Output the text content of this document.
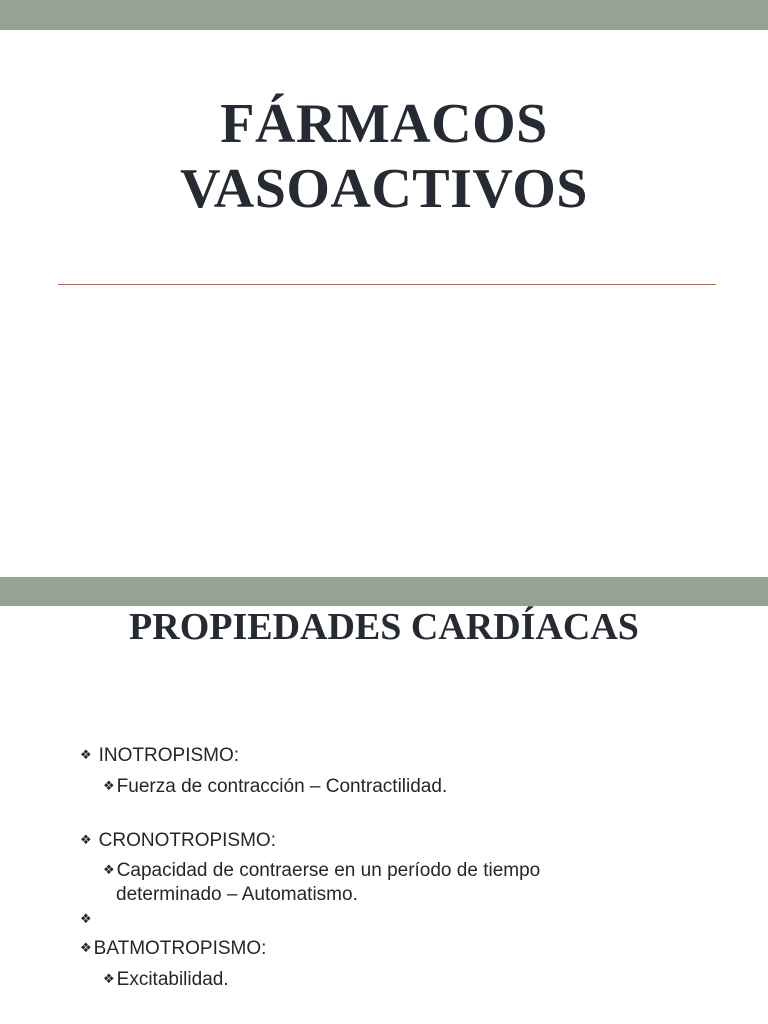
FÁRMACOS
VASOACTIVOS
PROPIEDADES CARDÍACAS
❖ INOTROPISMO:
❖ Fuerza de contracción – Contractilidad.
❖ CRONOTROPISMO:
❖ Capacidad de contraerse en un período de tiempo
determinado – Automatismo.
❖
❖ BATMOTROPISMO:
❖ Excitabilidad.
